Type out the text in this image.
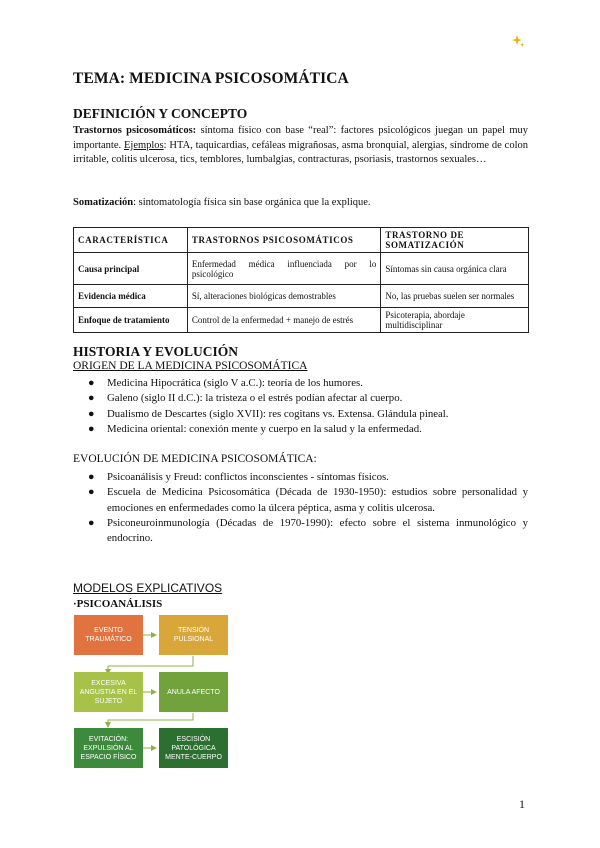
TEMA: MEDICINA PSICOSOMÁTICA
DEFINICIÓN Y CONCEPTO

Trastornos psicosomáticos: síntoma físico con base “real”: factores psicológicos juegan un papel muy importante. Ejemplos: HTA, taquicardias, cefáleas migrañosas, asma bronquial, alergias, síndrome de colon irritable, colitis ulcerosa, tics, temblores, lumbalgias, contracturas, psoriasis, trastornos sexuales…

Somatización: sintomatología física sin base orgánica que la explique.

CARACTERÍSTICA	TRASTORNOS PSICOSOMÁTICOS	TRASTORNO DE SOMATIZACIÓN
Causa principal	Enfermedad médica influenciada por lo psicológico	Síntomas sin causa orgánica clara
Evidencia médica	Sí, alteraciones biológicas demostrables	No, las pruebas suelen ser normales
Enfoque de tratamiento	Control de la enfermedad + manejo de estrés	Psicoterapia, abordaje multidisciplinar
HISTORIA Y EVOLUCIÓN

ORIGEN DE LA MEDICINA PSICOSOMÁTICA

● Medicina Hipocrática (siglo V a.C.): teoría de los humores.
● Galeno (siglo II d.C.): la tristeza o el estrés podían afectar al cuerpo.
● Dualismo de Descartes (siglo XVII): res cogitans vs. Extensa. Glándula pineal.
● Medicina oriental: conexión mente y cuerpo en la salud y la enfermedad.

EVOLUCIÓN DE MEDICINA PSICOSOMÁTICA:

● Psicoanálisis y Freud: conflictos inconscientes - síntomas físicos.
● Escuela de Medicina Psicosomática (Década de 1930-1950): estudios sobre personalidad y emociones en enfermedades como la úlcera péptica, asma y colitis ulcerosa.
● Psiconeuroinmunología (Décadas de 1970-1990): efecto sobre el sistema inmunológico y endocrino.

MODELOS EXPLICATIVOS

·PSICOANÁLISIS

EVENTO TRAUMÁTICO
TENSIÓN PULSIONAL
EXCESIVA ANGUSTIA EN EL SUJETO
ANULA AFECTO
EVITACIÓN: EXPULSIÓN AL ESPACIO FÍSICO
ESCISIÓN PATOLÓGICA MENTE-CUERPO
1
